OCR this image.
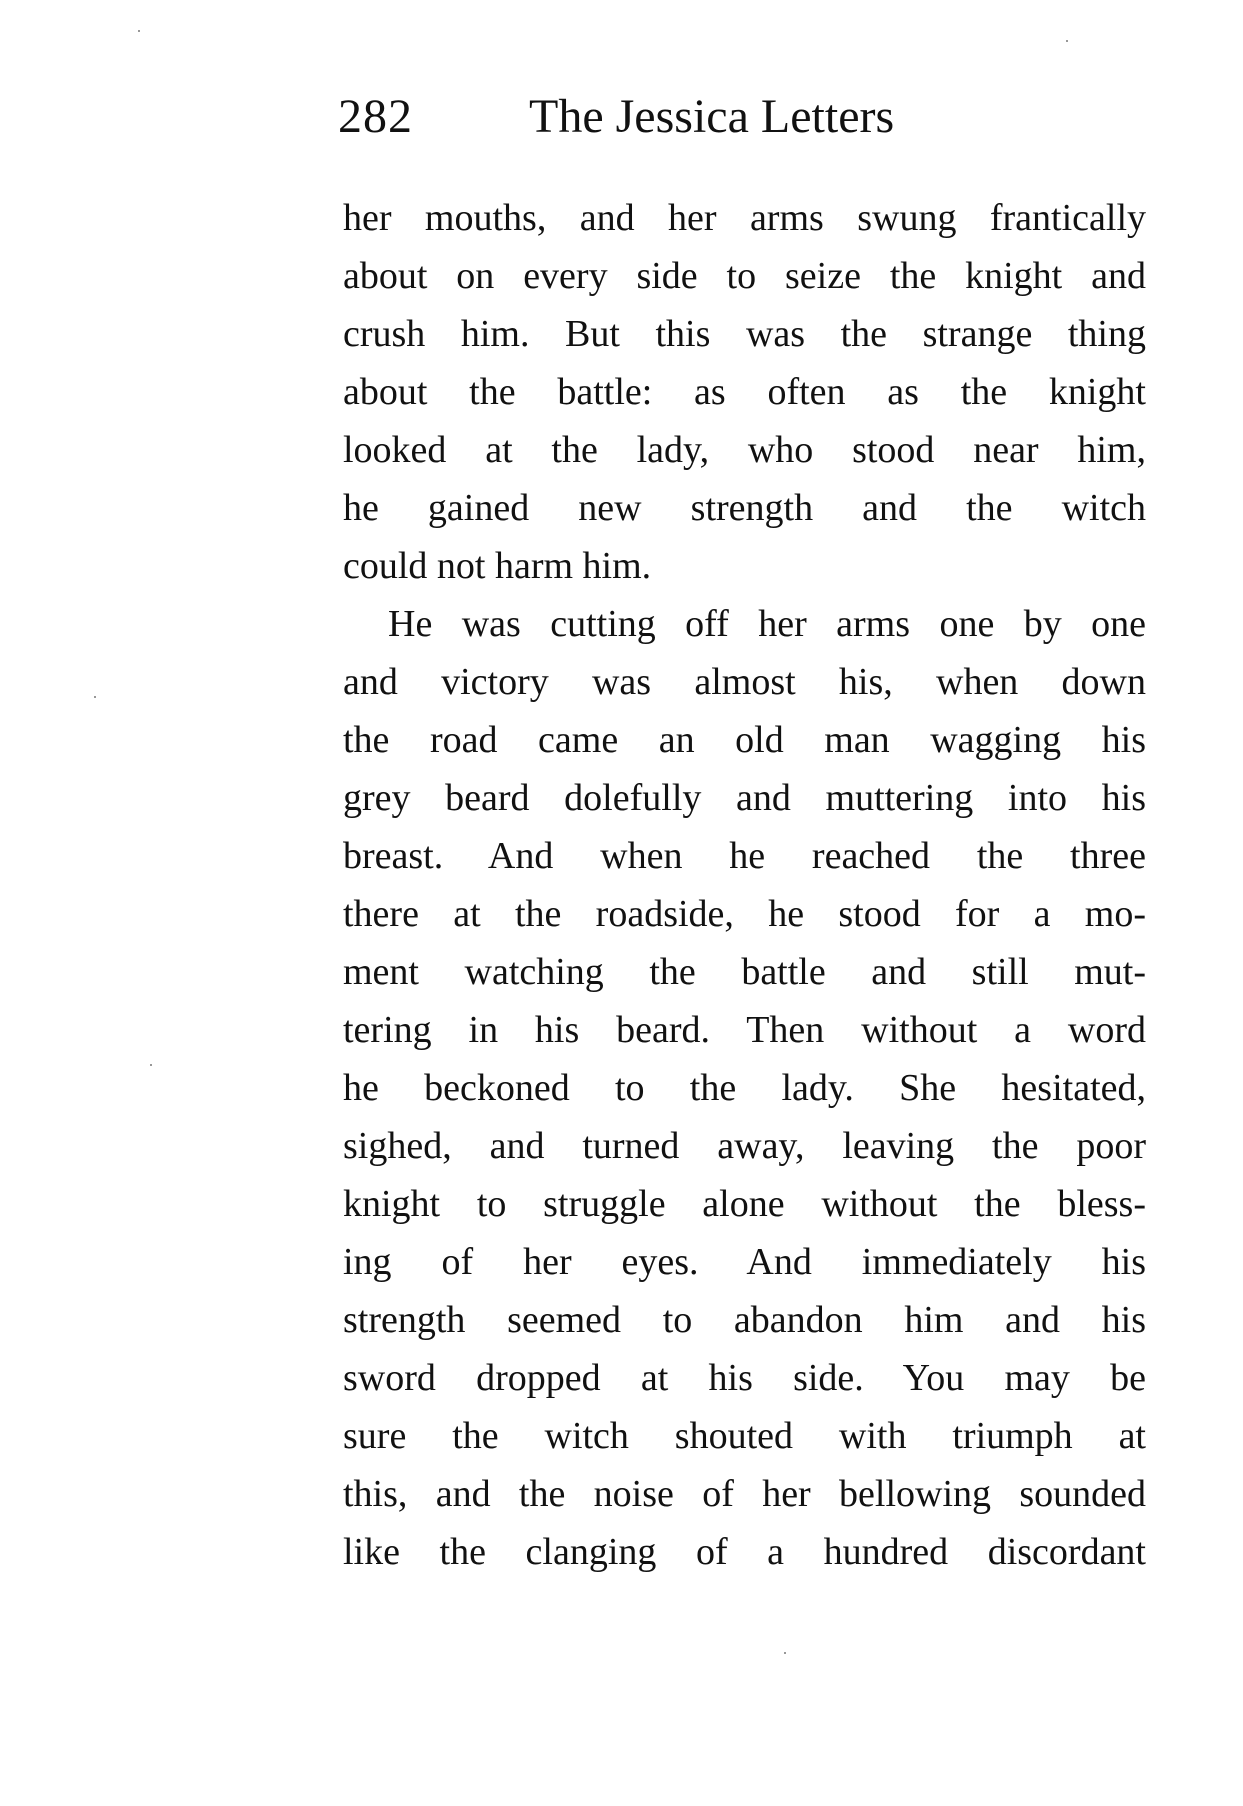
282 The Jessica Letters

her mouths, and her arms swung frantically
about on every side to seize the knight and
crush him. But this was the strange thing
about the battle: as often as the knight
looked at the lady, who stood near him,
he gained new strength and the witch
could not harm him.

He was cutting off her arms one by one
and victory was almost his, when down
the road came an old man wagging his
grey beard dolefully and muttering into his
breast. And when he reached the three
there at the roadside, he stood for a mo-
ment watching the battle and still mut-
tering in his beard. Then without a word
he beckoned to the lady. She hesitated,
sighed, and turned away, leaving the poor
knight to struggle alone without the bless-
ing of her eyes. And immediately his
strength seemed to abandon him and his
sword dropped at his side. You may be
sure the witch shouted with triumph at
this, and the noise of her bellowing sounded
like the clanging of a hundred discordant
